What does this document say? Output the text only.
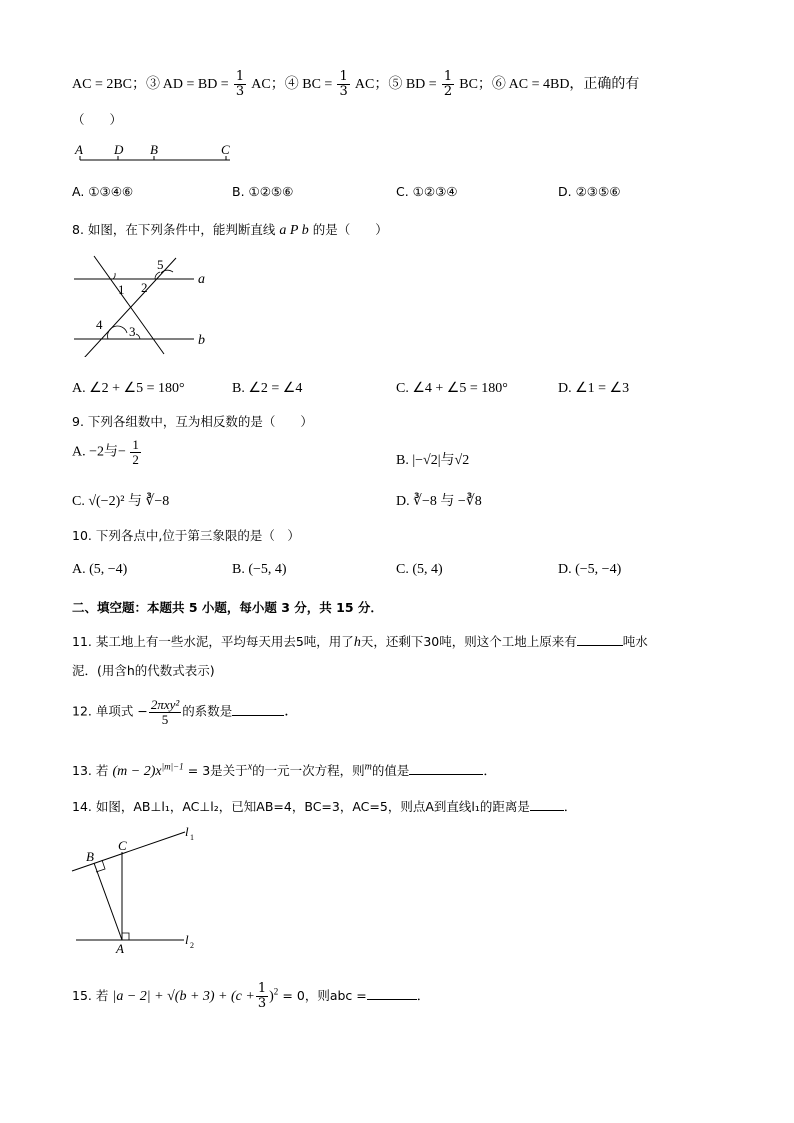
AC = 2BC；③ AD = BD = $\frac{1}{3}$ AC；④ BC = $\frac{1}{3}$ AC；⑤ BD = $\frac{1}{2}$ BC；⑥ AC = 4BD，正确的有
（　　）
A D B	C
A. ①③④⑥	B. ①②⑤⑥	C. ①②③④	D. ②③⑤⑥
8. 如图，在下列条件中，能判断直线 a P b 的是（　　）
1 2
5
4 3
a
b
A. ∠2 + ∠5 = 180°	B. ∠2 = ∠4	C. ∠4 + ∠5 = 180°	D. ∠1 = ∠3
9. 下列各组数中，互为相反数的是（　　）
A. −2与− $\frac{1}{2}$	B. |−√2|与√2
C. √(−2)² 与 ∛−8	D. ∛−8 与 −∛8
10. 下列各点中,位于第三象限的是（　）
A. (5, −4)	B. (−5, 4)	C. (5, 4)	D. (−5, −4)
二、填空题：本题共 5 小题，每小题 3 分，共 15 分．
11. 某工地上有一些水泥，平均每天用去5吨，用了h天，还剩下30吨，则这个工地上原来有	吨水
泥．(用含h的代数式表示)
12. 单项式 − $\frac{\text{2πxy²}}{5}$ 的系数是	．
13. 若 $(m - 2)x^{|m|-1} = 3$是关于$^x$的一元一次方程，则$^m$的值是	．
14. 如图，AB⊥l₁，AC⊥l₂，已知AB=4，BC=3，AC=5，则点A到直线l₁的距离是	．
B
C
A
l 1
l 2
15. 若 $|a - 2| + √(b + 3) + (c + \frac{1}{3} )^2 = 0$，则abc =	．
